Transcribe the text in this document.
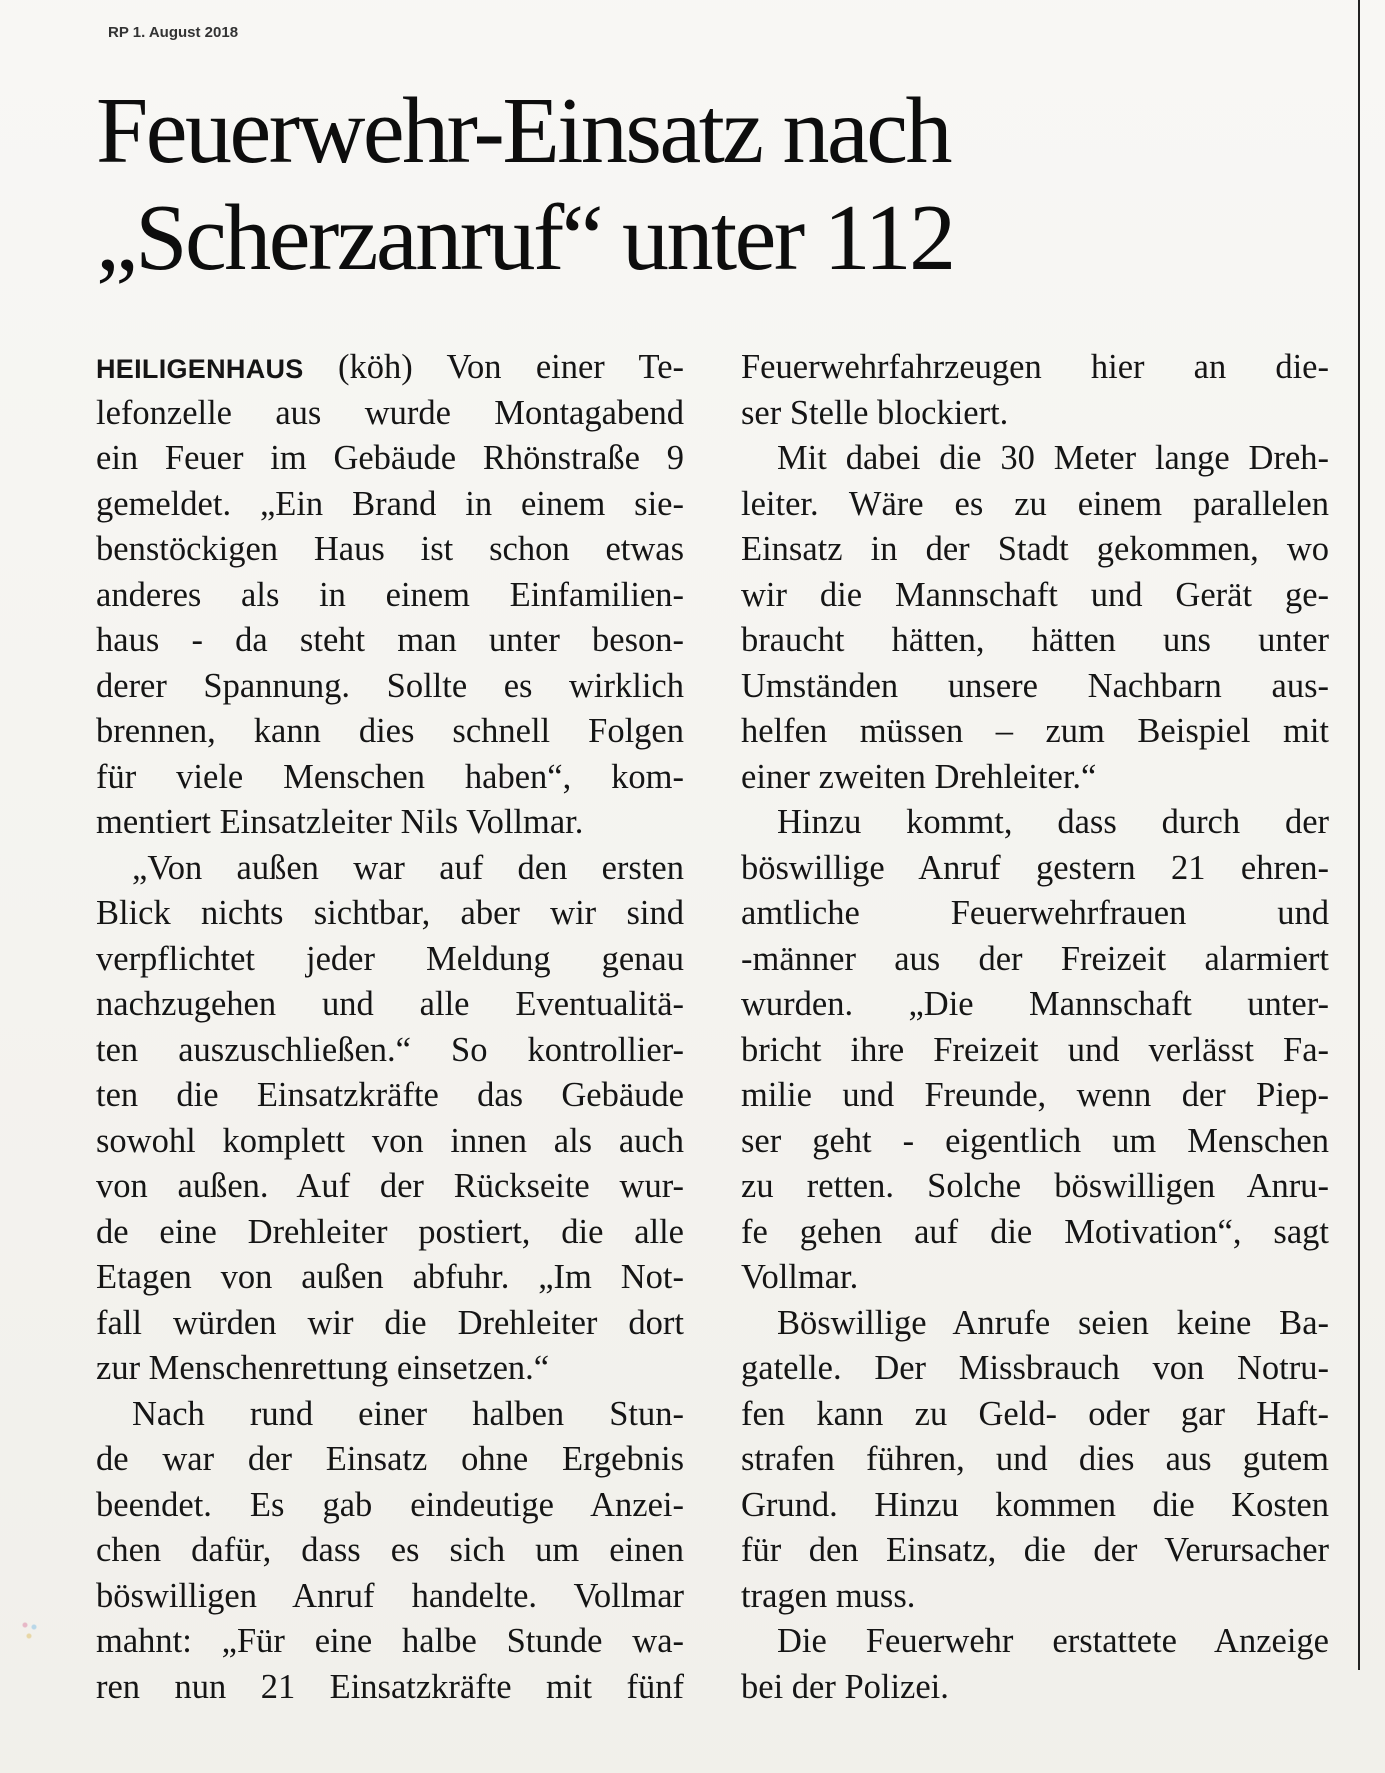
RP 1. August 2018
Feuerwehr-Einsatz nach
„Scherzanruf“ unter 112
HEILIGENHAUS (köh) Von einer Te-
lefonzelle aus wurde Montagabend
ein Feuer im Gebäude Rhönstraße 9
gemeldet. „Ein Brand in einem sie-
benstöckigen Haus ist schon etwas
anderes als in einem Einfamilien-
haus - da steht man unter beson-
derer Spannung. Sollte es wirklich
brennen, kann dies schnell Folgen
für viele Menschen haben“, kom-
mentiert Einsatzleiter Nils Vollmar.
„Von außen war auf den ersten
Blick nichts sichtbar, aber wir sind
verpflichtet jeder Meldung genau
nachzugehen und alle Eventualitä-
ten auszuschließen.“ So kontrollier-
ten die Einsatzkräfte das Gebäude
sowohl komplett von innen als auch
von außen. Auf der Rückseite wur-
de eine Drehleiter postiert, die alle
Etagen von außen abfuhr. „Im Not-
fall würden wir die Drehleiter dort
zur Menschenrettung einsetzen.“
Nach rund einer halben Stun-
de war der Einsatz ohne Ergebnis
beendet. Es gab eindeutige Anzei-
chen dafür, dass es sich um einen
böswilligen Anruf handelte. Vollmar
mahnt: „Für eine halbe Stunde wa-
ren nun 21 Einsatzkräfte mit fünf
Feuerwehrfahrzeugen hier an die-
ser Stelle blockiert.
Mit dabei die 30 Meter lange Dreh-
leiter. Wäre es zu einem parallelen
Einsatz in der Stadt gekommen, wo
wir die Mannschaft und Gerät ge-
braucht hätten, hätten uns unter
Umständen unsere Nachbarn aus-
helfen müssen – zum Beispiel mit
einer zweiten Drehleiter.“
Hinzu kommt, dass durch der
böswillige Anruf gestern 21 ehren-
amtliche Feuerwehrfrauen und
-männer aus der Freizeit alarmiert
wurden. „Die Mannschaft unter-
bricht ihre Freizeit und verlässt Fa-
milie und Freunde, wenn der Piep-
ser geht - eigentlich um Menschen
zu retten. Solche böswilligen Anru-
fe gehen auf die Motivation“, sagt
Vollmar.
Böswillige Anrufe seien keine Ba-
gatelle. Der Missbrauch von Notru-
fen kann zu Geld- oder gar Haft-
strafen führen, und dies aus gutem
Grund. Hinzu kommen die Kosten
für den Einsatz, die der Verursacher
tragen muss.
Die Feuerwehr erstattete Anzeige
bei der Polizei.
